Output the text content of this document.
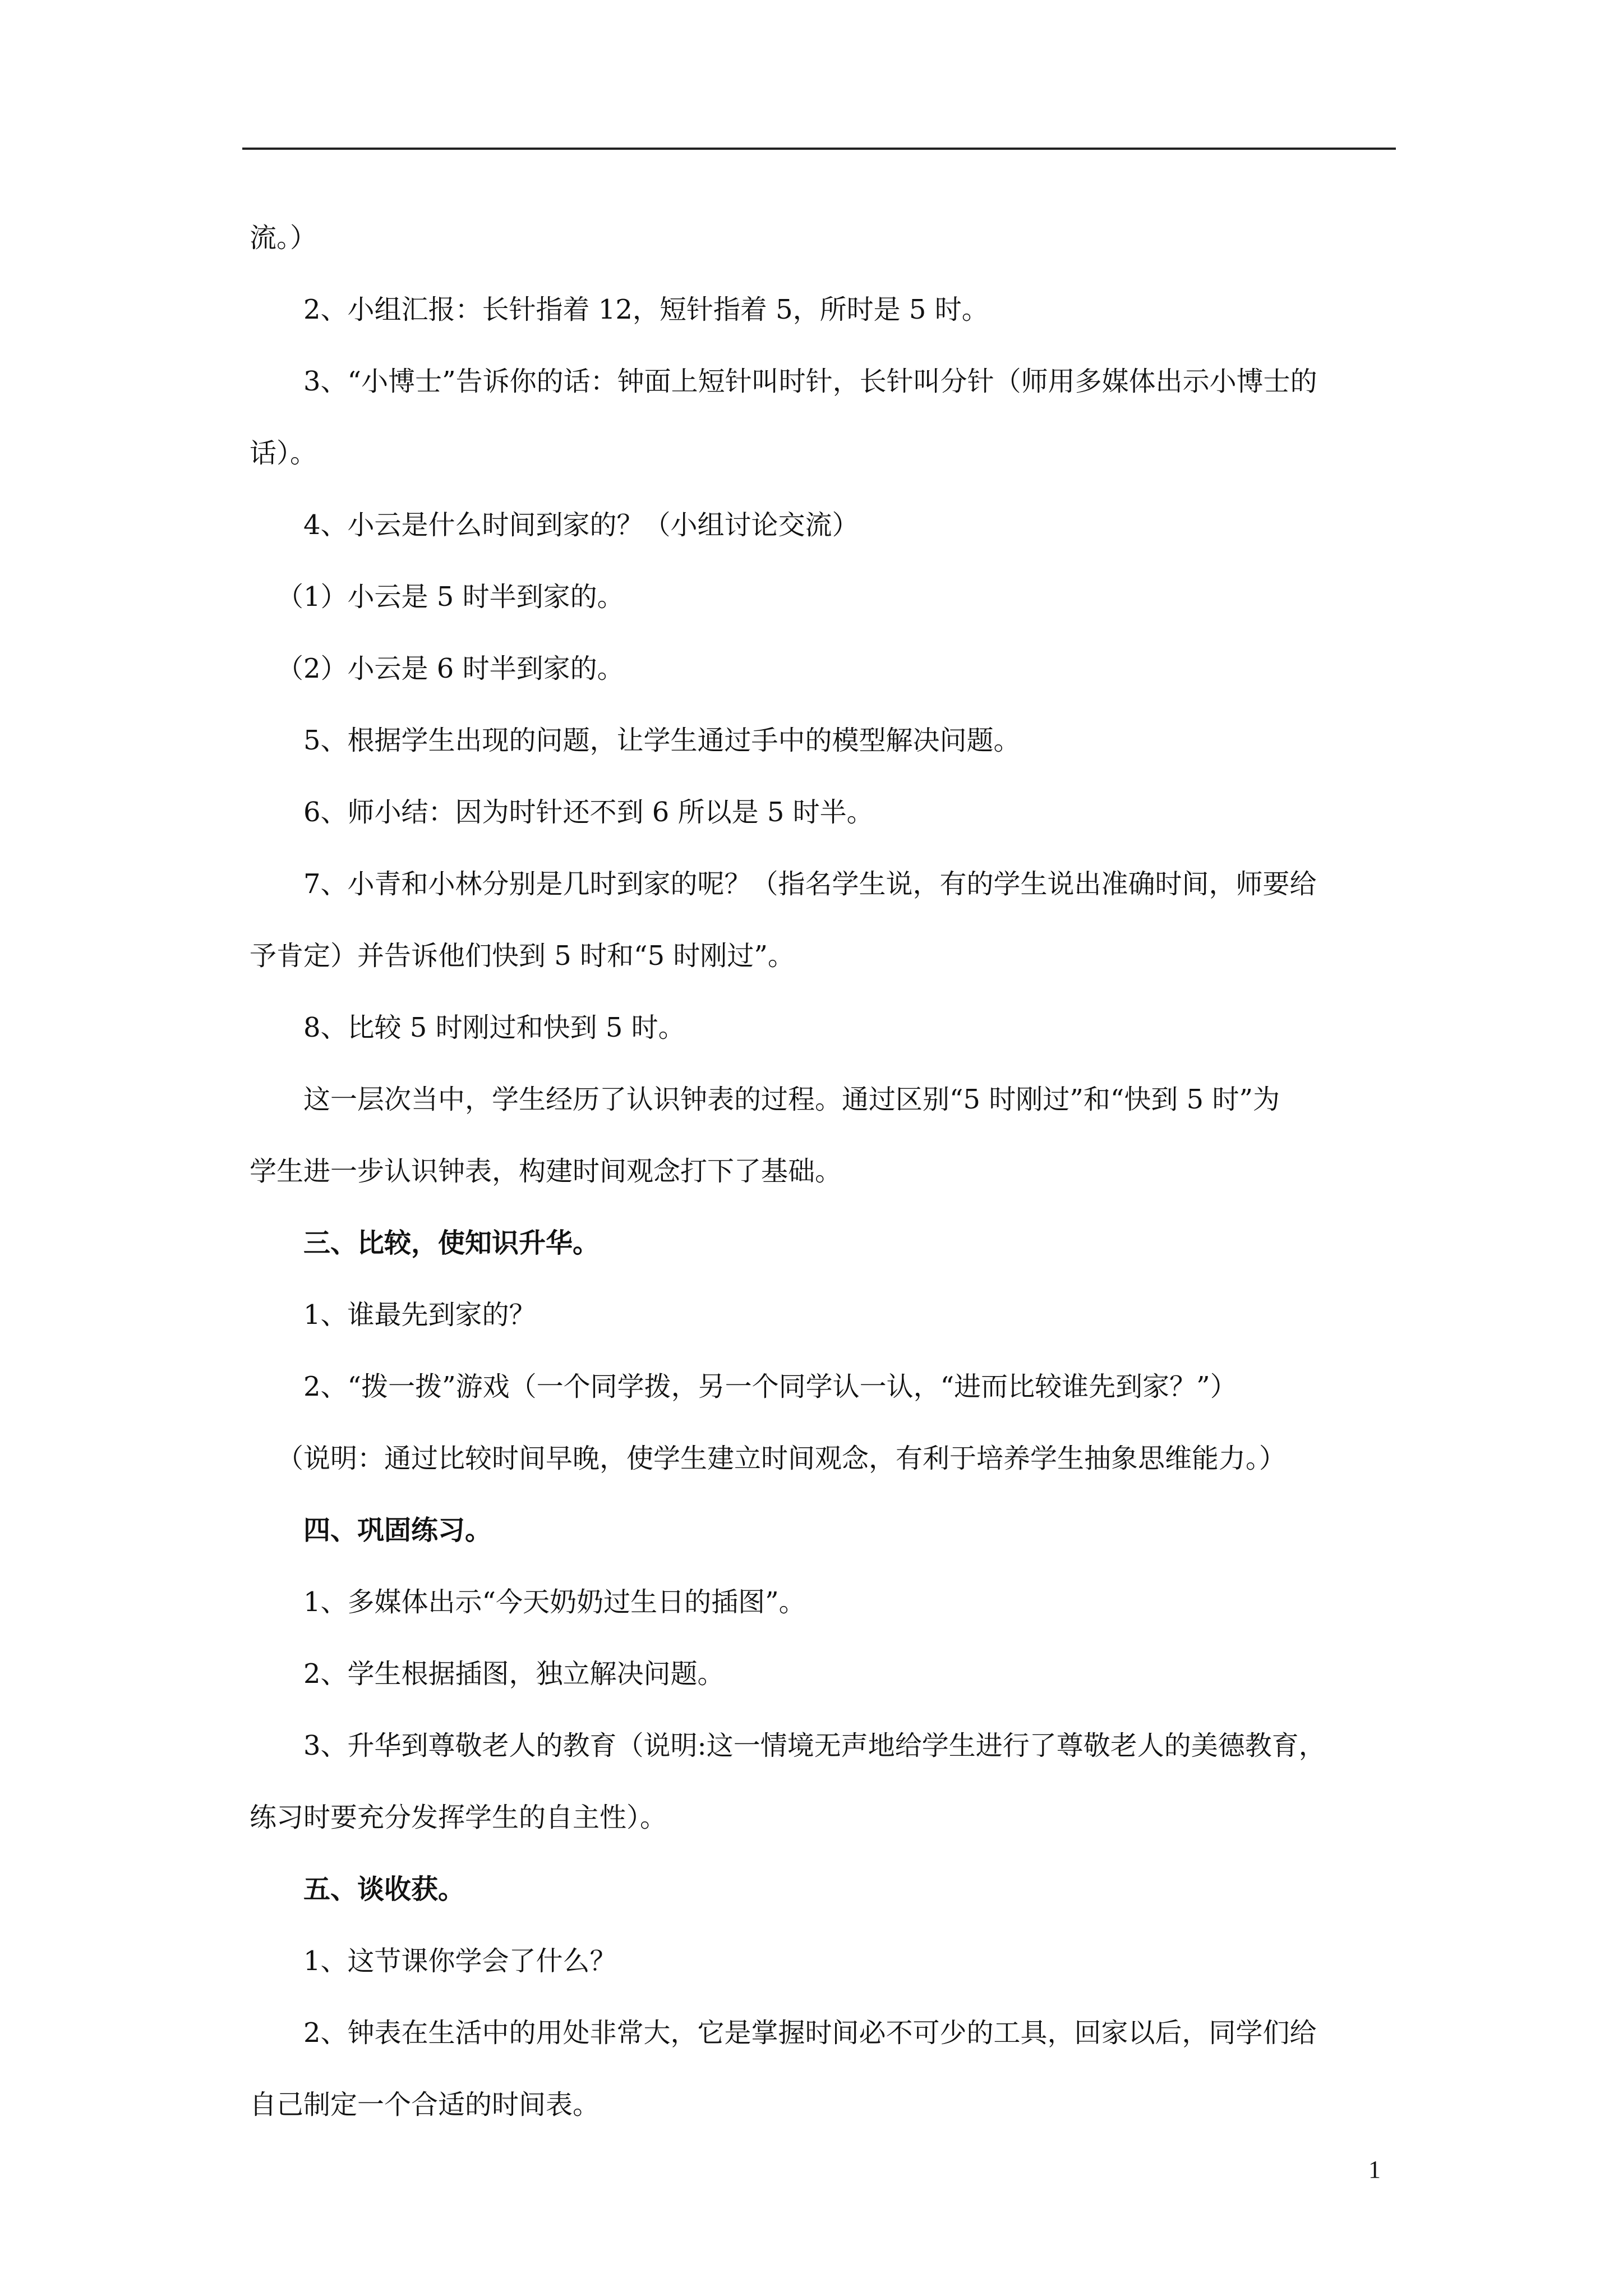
流。）

2、小组汇报：长针指着 12，短针指着 5，所时是 5 时。

3、“小博士”告诉你的话：钟面上短针叫时针，长针叫分针（师用多媒体出示小博士的

话）。

4、小云是什么时间到家的？（小组讨论交流）

（1）小云是 5 时半到家的。

（2）小云是 6 时半到家的。

5、根据学生出现的问题，让学生通过手中的模型解决问题。

6、师小结：因为时针还不到 6 所以是 5 时半。

7、小青和小林分别是几时到家的呢？（指名学生说，有的学生说出准确时间，师要给

予肯定）并告诉他们快到 5 时和“5 时刚过”。

8、比较 5 时刚过和快到 5 时。

这一层次当中，学生经历了认识钟表的过程。通过区别“5 时刚过”和“快到 5 时”为

学生进一步认识钟表，构建时间观念打下了基础。

三、比较，使知识升华。

1、谁最先到家的？

2、“拨一拨”游戏（一个同学拨，另一个同学认一认，“进而比较谁先到家？”）

（说明：通过比较时间早晚，使学生建立时间观念，有利于培养学生抽象思维能力。）

四、巩固练习。

1、多媒体出示“今天奶奶过生日的插图”。

2、学生根据插图，独立解决问题。

3、升华到尊敬老人的教育（说明:这一情境无声地给学生进行了尊敬老人的美德教育，

练习时要充分发挥学生的自主性）。

五、谈收获。

1、这节课你学会了什么？

2、钟表在生活中的用处非常大，它是掌握时间必不可少的工具，回家以后，同学们给

自己制定一个合适的时间表。

1
